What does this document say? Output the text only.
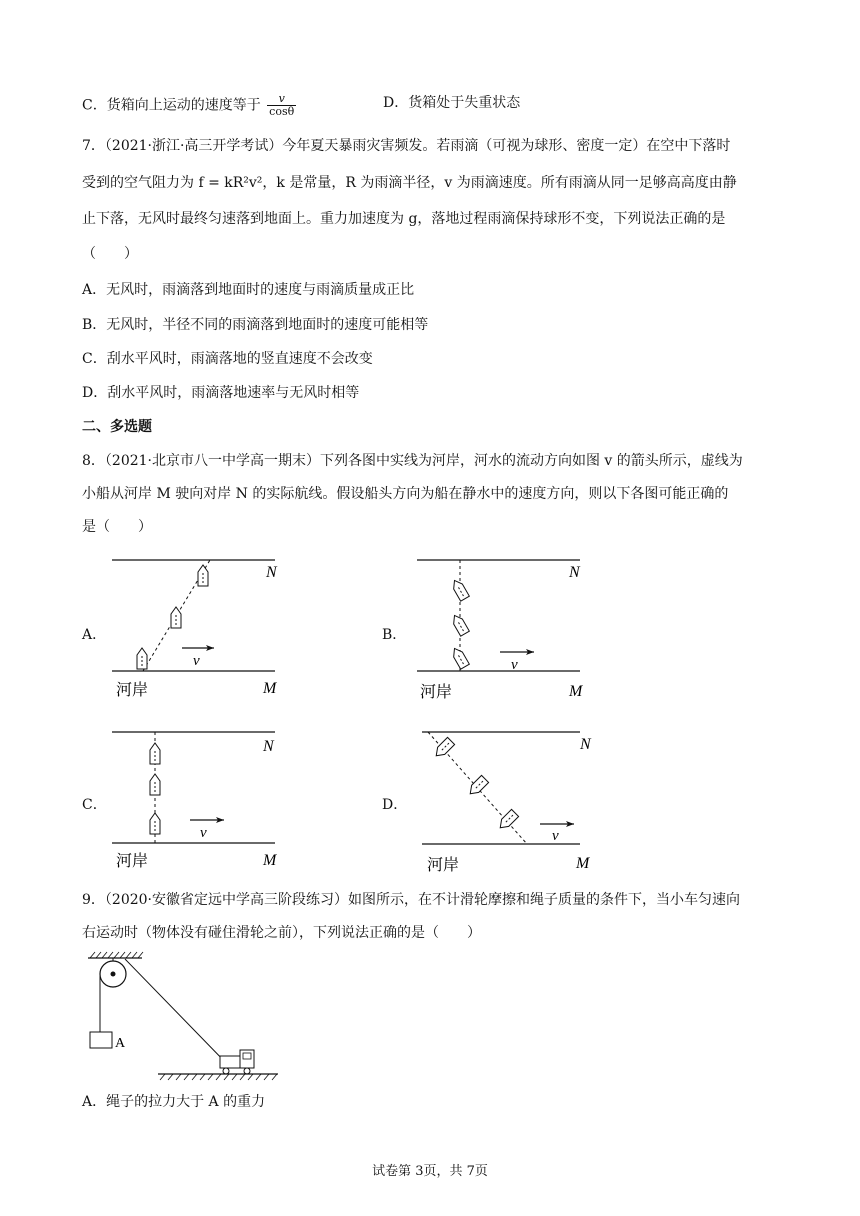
C．货箱向上运动的速度等于 $\frac{v}{\cos\theta}$	D．货箱处于失重状态
7．（2021·浙江·高三开学考试）今年夏天暴雨灾害频发。若雨滴（可视为球形、密度一定）在空中下落时
受到的空气阻力为 f = kR²v²，k 是常量，R 为雨滴半径，v 为雨滴速度。所有雨滴从同一足够高高度由静
止下落，无风时最终匀速落到地面上。重力加速度为 g，落地过程雨滴保持球形不变，下列说法正确的是
（　　）
A．无风时，雨滴落到地面时的速度与雨滴质量成正比
B．无风时，半径不同的雨滴落到地面时的速度可能相等
C．刮水平风时，雨滴落地的竖直速度不会改变
D．刮水平风时，雨滴落地速率与无风时相等
二、多选题
8．（2021·北京市八一中学高一期末）下列各图中实线为河岸，河水的流动方向如图 v 的箭头所示，虚线为
小船从河岸 M 驶向对岸 N 的实际航线。假设船头方向为船在静水中的速度方向，则以下各图可能正确的
是（　　）
A．	B．
C．	D．
v
N
M
河岸
v
N
M
河岸
v
N
M
河岸
v
N
M
河岸
9．（2020·安徽省定远中学高三阶段练习）如图所示，在不计滑轮摩擦和绳子质量的条件下，当小车匀速向
右运动时（物体没有碰住滑轮之前），下列说法正确的是（　　）
A
A．绳子的拉力大于 A 的重力
试卷第 3页，共 7页
